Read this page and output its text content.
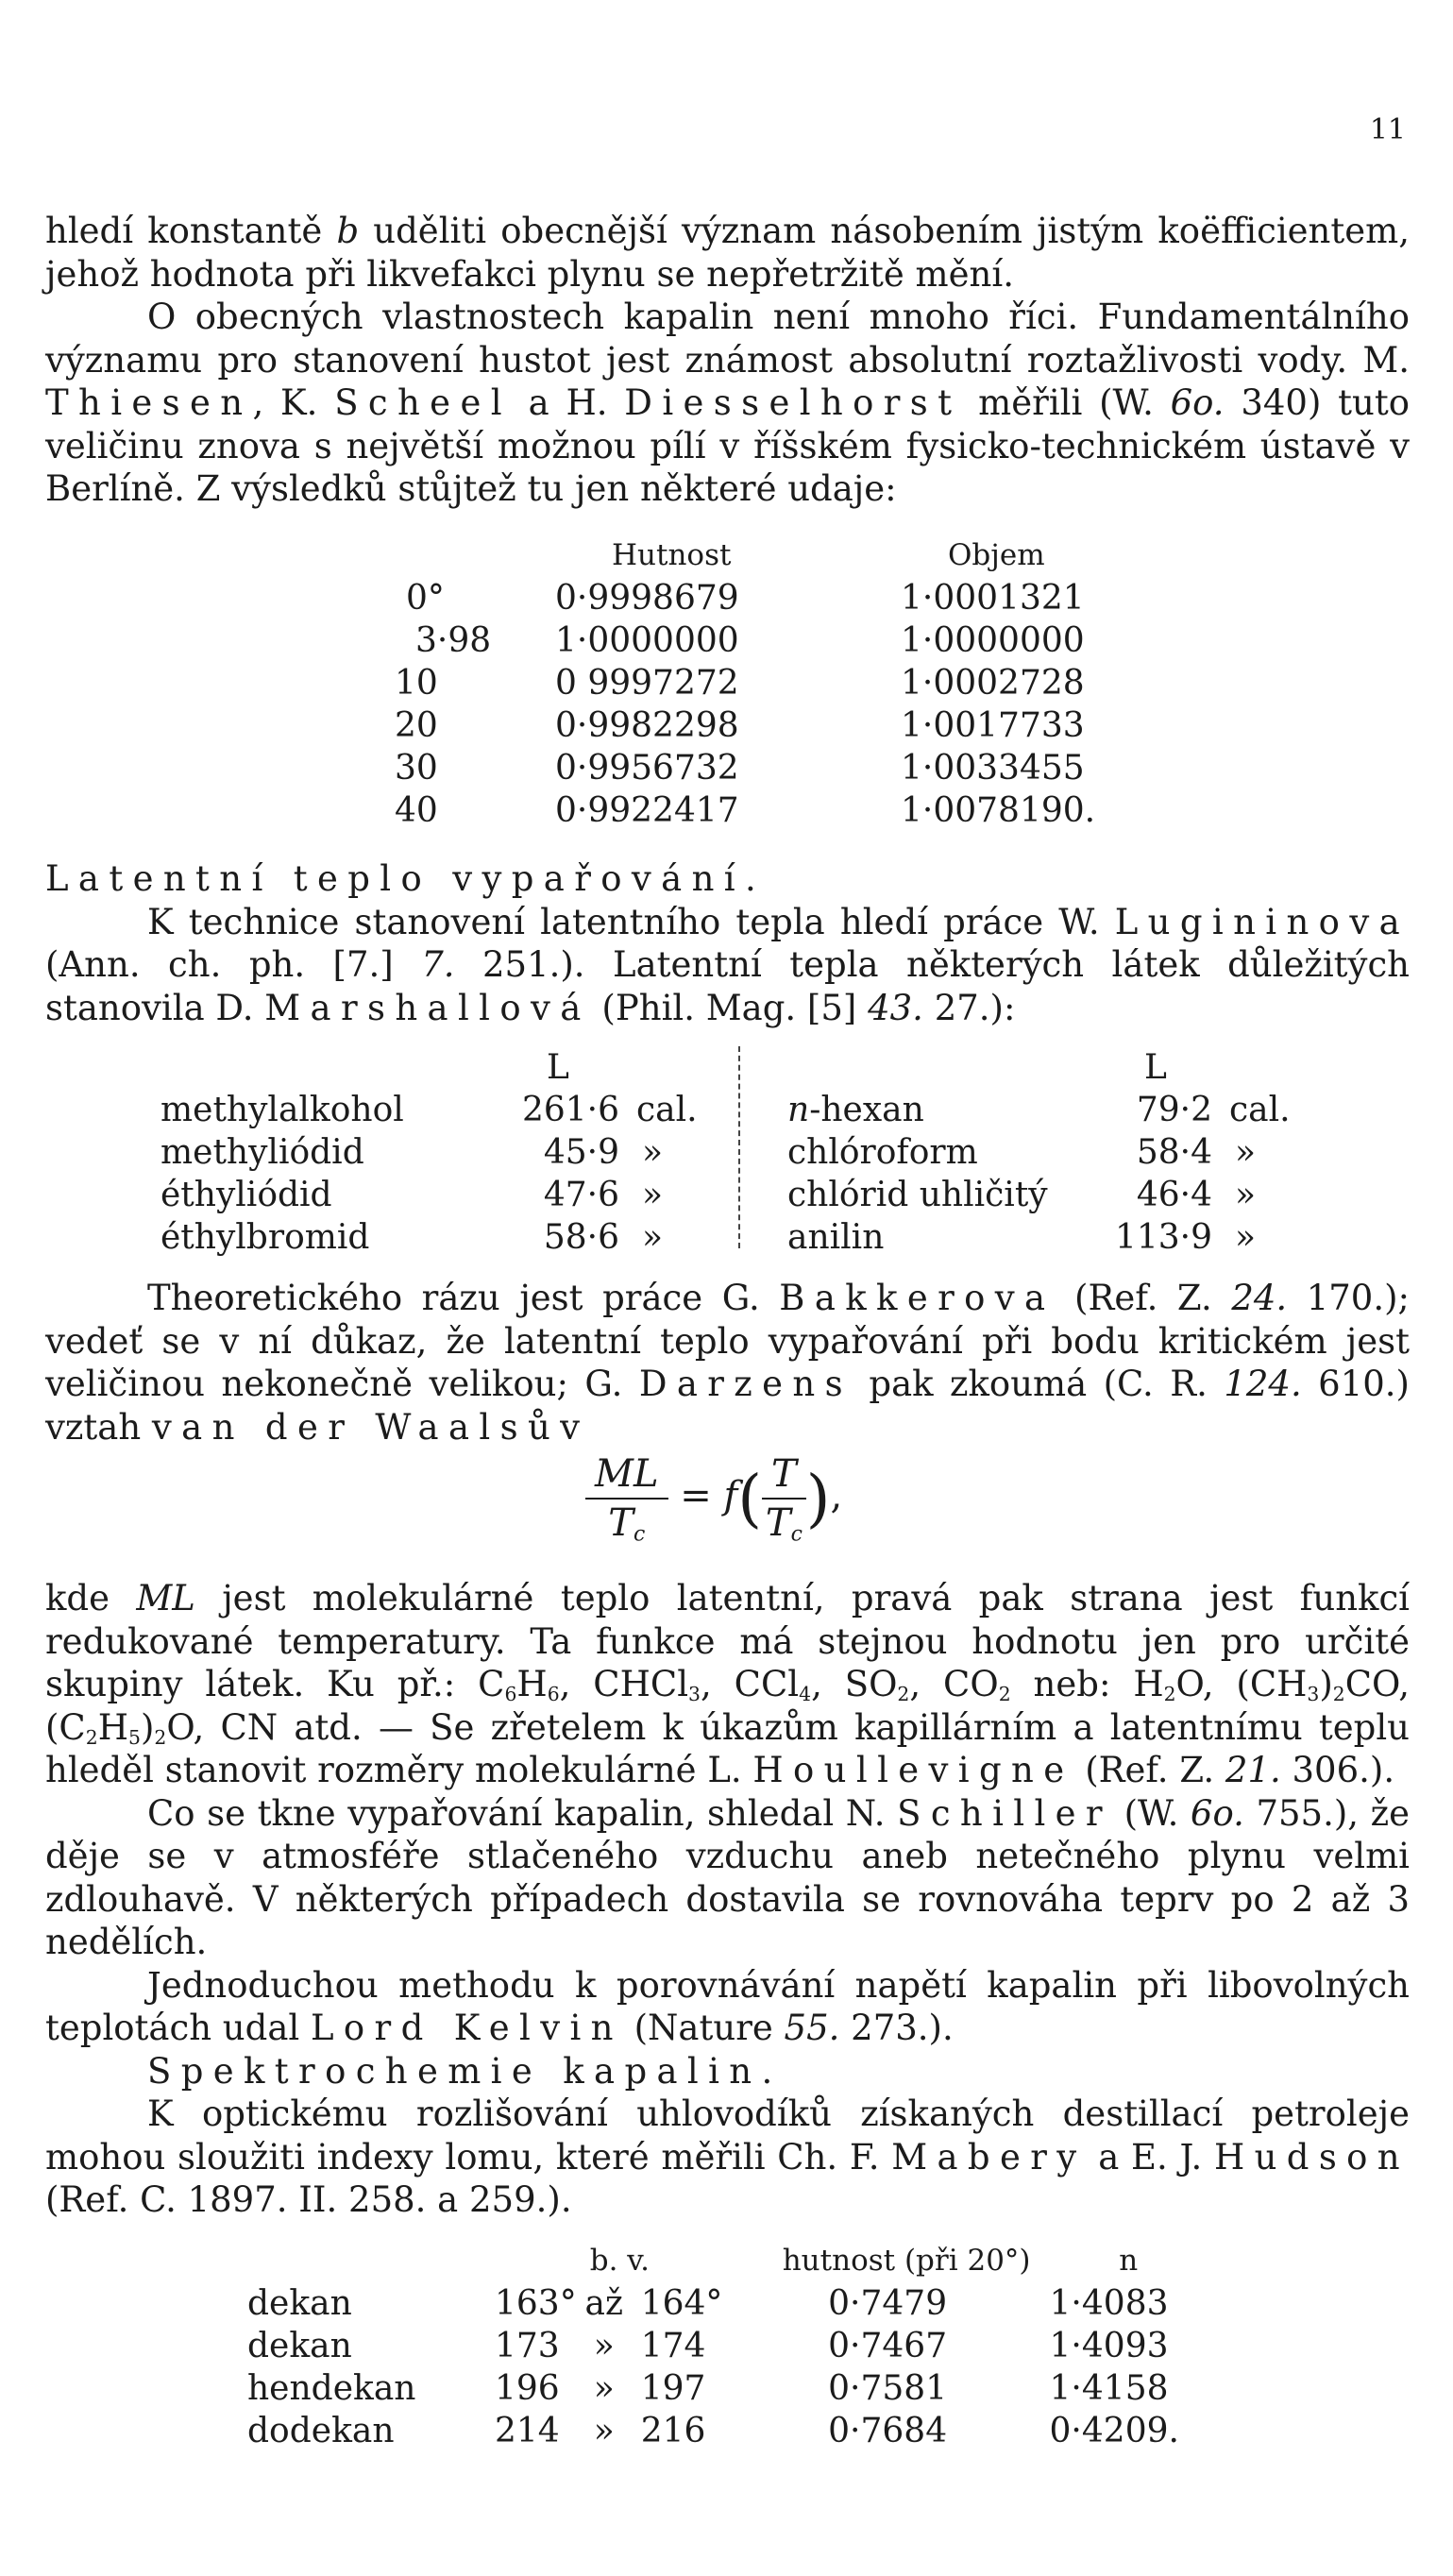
11

hledí konstantě b uděliti obecnější význam násobením jistým koëfficientem, jehož hodnota při likvefakci plynu se nepřetržitě mění.

O obecných vlastnostech kapalin není mnoho říci. Fundamentálního významu pro stanovení hustot jest známost absolutní roztažlivosti vody. M. Thiesen, K. Scheel a H. Diesselhorst měřili (W. 6o. 340) tuto veličinu znova s největší možnou pílí v říšském fysicko-technickém ústavě v Berlíně. Z výsledků stůjtež tu jen některé udaje:

	Hutnost	Objem
0°	0·9998679	1·0001321
3·98	1·0000000	1·0000000
10	0 9997272	1·0002728
20	0·9982298	1·0017733
30	0·9956732	1·0033455
40	0·9922417	1·0078190.

Latentní teplo vypařování.

K technice stanovení latentního tepla hledí práce W. Lugininova (Ann. ch. ph. [7.] 7. 251.). Latentní tepla některých látek důležitých stanovila D. Marshallová (Phil. Mag. [5] 43. 27.):

	L	
methylalkohol	261·6	cal.
methyliódid	45·9	»
éthyliódid	47·6	»
éthylbromid	58·6	»
	L	
n-hexan	79·2	cal.
chlóroform	58·4	»
chlórid uhličitý	46·4	»
anilin	113·9	»

Theoretického rázu jest práce G. Bakkerova (Ref. Z. 24. 170.); vedeť se v ní důkaz, že latentní teplo vypařování při bodu kritickém jest veličinou nekonečně velikou; G. Darzens pak zkoumá (C. R. 124. 610.) vztah van der Waalsův

$\frac{ML}{T_c} = f( \frac{T}{T_c}$ ),

kde ML jest molekulárné teplo latentní, pravá pak strana jest funkcí redukované temperatury. Ta funkce má stejnou hodnotu jen pro určité skupiny látek. Ku př.: $C_6H_6$, CHCl$_3$, CCl$_4$, $SO_2$, $CO_2$ neb: $H_2O$, $(CH_3)_2CO$, $(C_2H_5)_2O$, CN atd. — Se zřetelem k úkazům kapillárním a latentnímu teplu hleděl stanovit rozměry molekulárné L. Houllevigne (Ref. Z. 21. 306.).

Co se tkne vypařování kapalin, shledal N. Schiller (W. 6o. 755.), že děje se v atmosféře stlačeného vzduchu aneb netečného plynu velmi zdlouhavě. V některých případech dostavila se rovnováha teprv po 2 až 3 nedělích.

Jednoduchou methodu k porovnávání napětí kapalin při libovolných teplotách udal Lord Kelvin (Nature 55. 273.).

Spektrochemie kapalin.

K optickému rozlišování uhlovodíků získaných destillací petroleje mohou sloužiti indexy lomu, které měřili Ch. F. Mabery a E. J. Hudson (Ref. C. 1897. II. 258. a 259.).

	b. v.			hutnost (při 20°)	n
dekan	163°	až	164°	0·7479	1·4083
dekan	173	»	174	0·7467	1·4093
hendekan	196	»	197	0·7581	1·4158
dodekan	214	»	216	0·7684	0·4209.
